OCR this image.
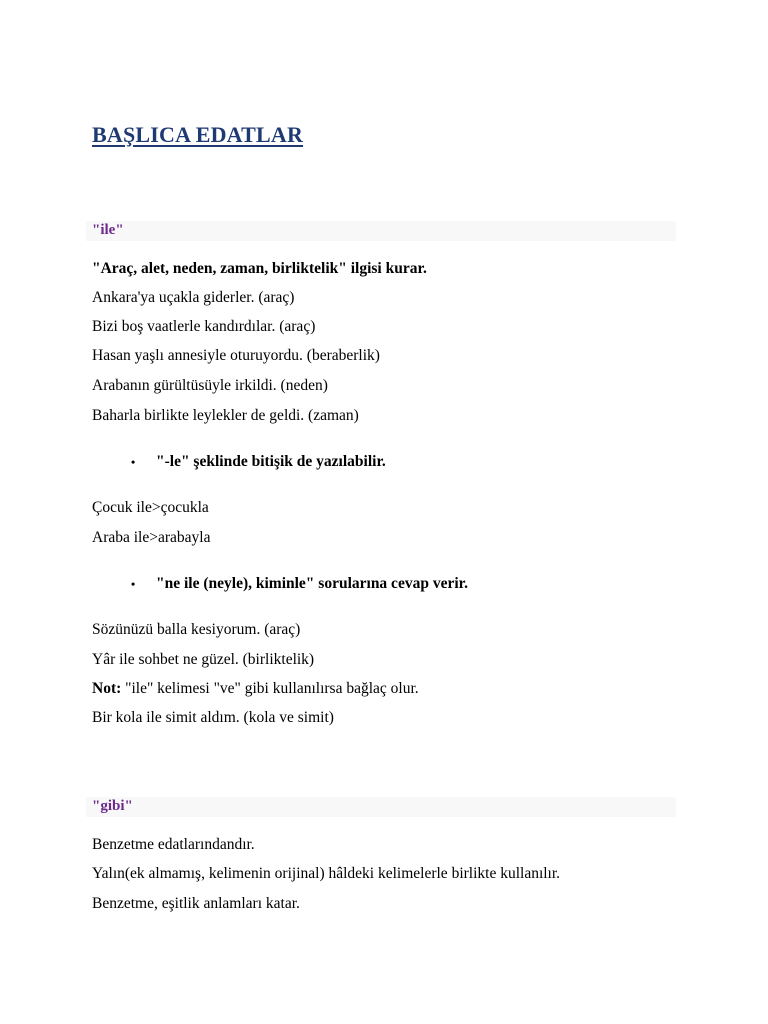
BAŞLICA EDATLAR
"ile"
"Araç, alet, neden, zaman, birliktelik" ilgisi kurar.
Ankara'ya uçakla giderler. (araç)
Bizi boş vaatlerle kandırdılar. (araç)
Hasan yaşlı annesiyle oturuyordu. (beraberlik)
Arabanın gürültüsüyle irkildi. (neden)
Baharla birlikte leylekler de geldi. (zaman)
• "-le" şeklinde bitişik de yazılabilir.
Çocuk ile>çocukla
Araba ile>arabayla
• "ne ile (neyle), kiminle" sorularına cevap verir.
Sözünüzü balla kesiyorum. (araç)
Yâr ile sohbet ne güzel. (birliktelik)
Not: "ile" kelimesi "ve" gibi kullanılırsa bağlaç olur.
Bir kola ile simit aldım. (kola ve simit)
"gibi"
Benzetme edatlarındandır.
Yalın(ek almamış, kelimenin orijinal) hâldeki kelimelerle birlikte kullanılır.
Benzetme, eşitlik anlamları katar.
